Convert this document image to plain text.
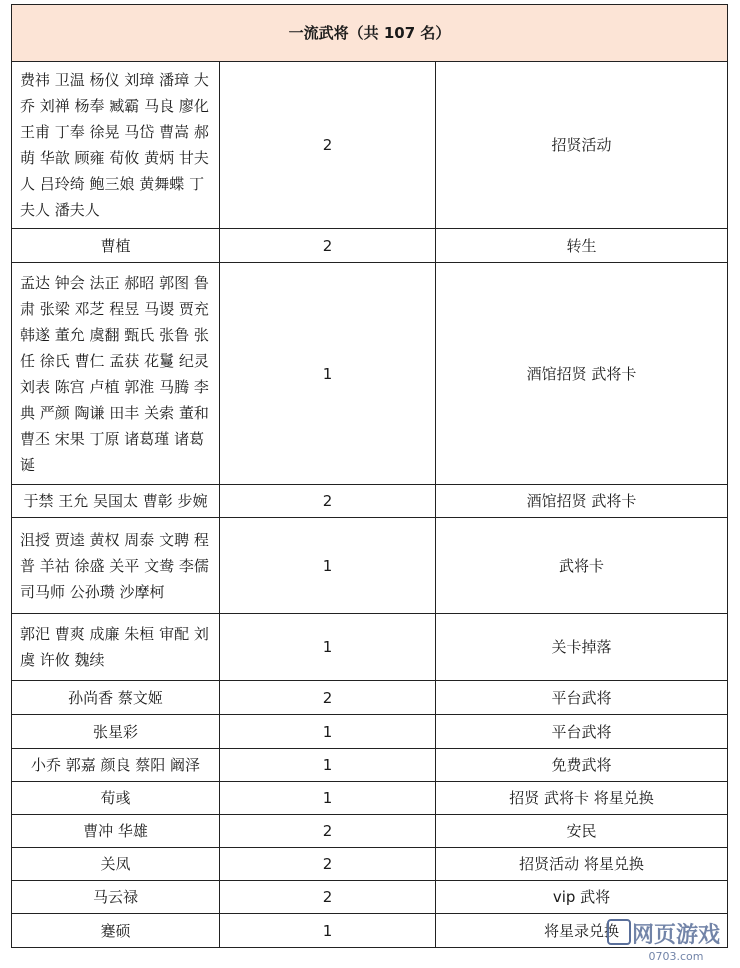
一流武将（共 107 名）		
费祎 卫温 杨仪 刘璋 潘璋 大乔 刘禅 杨奉 臧霸 马良 廖化 王甫 丁奉 徐晃 马岱 曹嵩 郝萌 华歆 顾雍 荀攸 黄炳 甘夫人 吕玲绮 鲍三娘 黄舞蝶 丁夫人 潘夫人	2	招贤活动
曹植	2	转生
孟达 钟会 法正 郝昭 郭图 鲁肃 张梁 邓芝 程昱 马谡 贾充 韩遂 董允 虞翻 甄氏 张鲁 张任 徐氏 曹仁 孟获 花鬘 纪灵 刘表 陈宫 卢植 郭淮 马腾 李典 严颜 陶谦 田丰 关索 董和 曹丕 宋果 丁原 诸葛瑾 诸葛诞	1	酒馆招贤 武将卡
于禁 王允 吴国太 曹彰 步婉	2	酒馆招贤 武将卡
沮授 贾逵 黄权 周泰 文聘 程普 羊祜 徐盛 关平 文鸯 李儒 司马师 公孙瓒 沙摩柯	1	武将卡
郭汜 曹爽 成廉 朱桓 审配 刘虞 许攸 魏续	1	关卡掉落
孙尚香 蔡文姬	2	平台武将
张星彩	1	平台武将
小乔 郭嘉 颜良 蔡阳 阚泽	1	免费武将
荀彧	1	招贤 武将卡 将星兑换
曹冲 华雄	2	安民
关凤	2	招贤活动 将星兑换
马云禄	2	vip 武将
蹇硕	1	将星录兑换 网页游戏
0703.com
